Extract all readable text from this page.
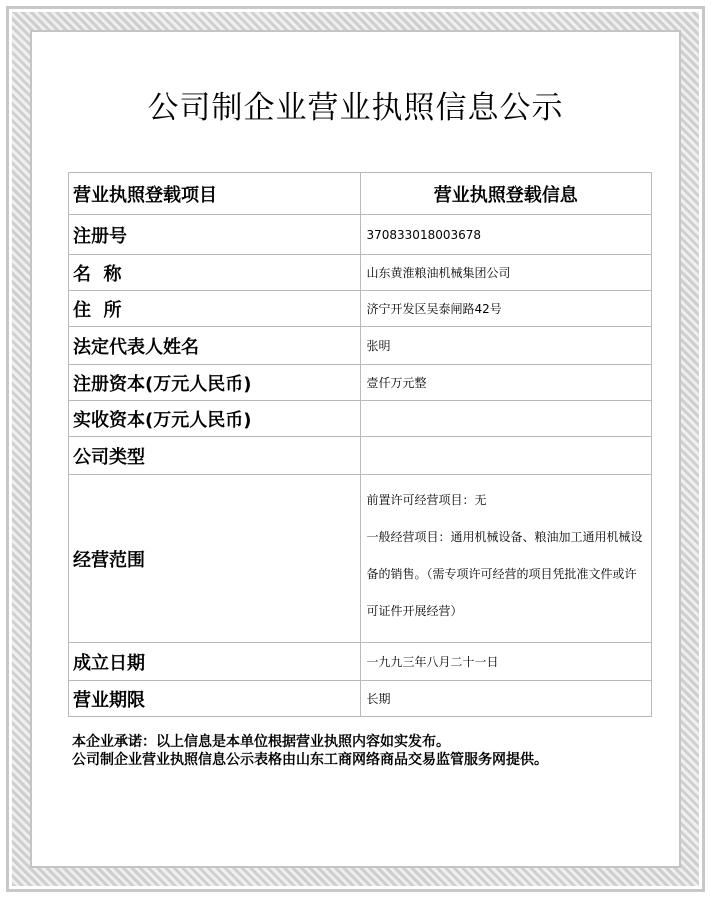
公司制企业营业执照信息公示
营业执照登载项目	营业执照登载信息
注册号	370833018003678
名  称	山东黄淮粮油机械集团公司
住  所	济宁开发区吴泰闸路42号
法定代表人姓名	张明
注册资本(万元人民币)	壹仟万元整
实收资本(万元人民币)	
公司类型	
经营范围	前置许可经营项目：无
一般经营项目：通用机械设备、粮油加工通用机械设
备的销售。（需专项许可经营的项目凭批准文件或许
可证件开展经营）

成立日期	一九九三年八月二十一日
营业期限	长期
本企业承诺：以上信息是本单位根据营业执照内容如实发布。
公司制企业营业执照信息公示表格由山东工商网络商品交易监管服务网提供。
